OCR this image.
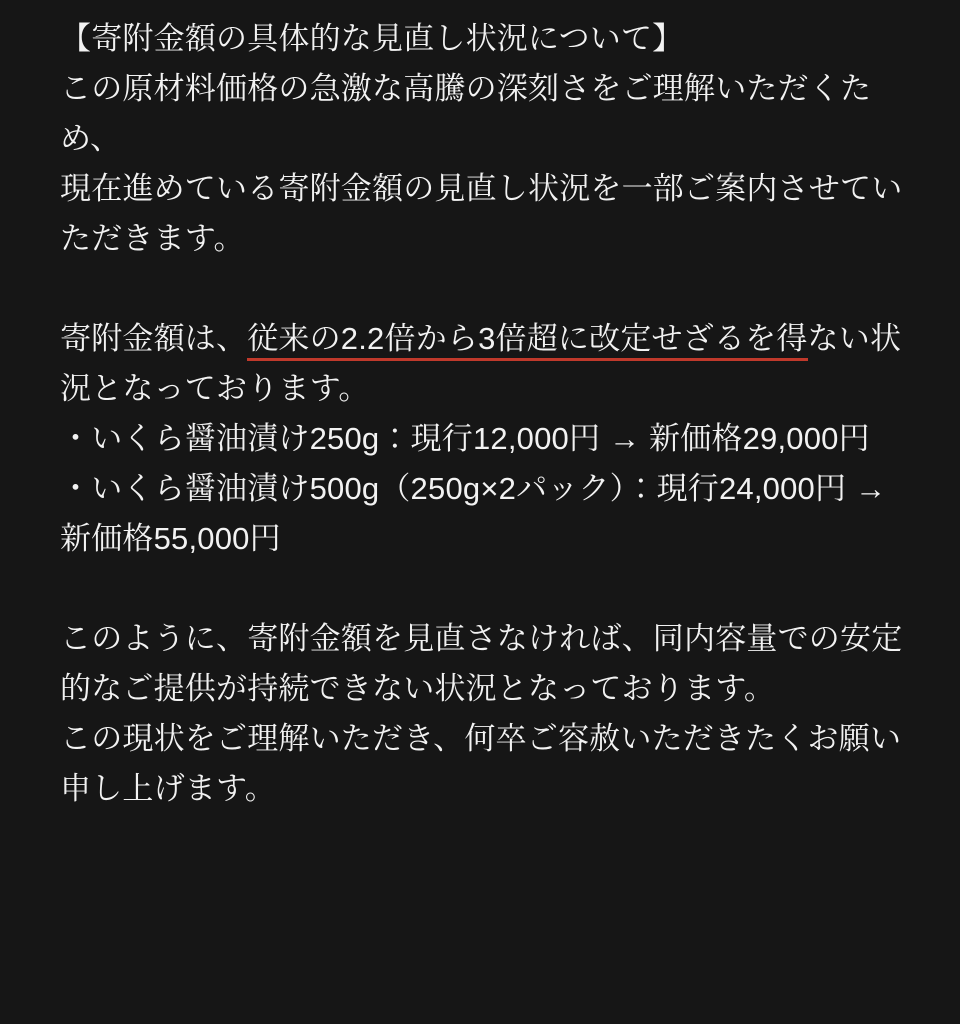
【寄附金額の具体的な見直し状況について】

この原材料価格の急激な高騰の深刻さをご理解いただくため、

現在進めている寄附金額の見直し状況を一部ご案内させていただきます。

寄附金額は、従来の2.2倍から3倍超に改定せざるを得ない状況となっております。

・いくら醤油漬け250g：現行12,000円 → 新価格29,000円

・いくら醤油漬け500g（250g×2パック）：現行24,000円 → 新価格55,000円

このように、寄附金額を見直さなければ、同内容量での安定的なご提供が持続できない状況となっております。

この現状をご理解いただき、何卒ご容赦いただきたくお願い申し上げます。
